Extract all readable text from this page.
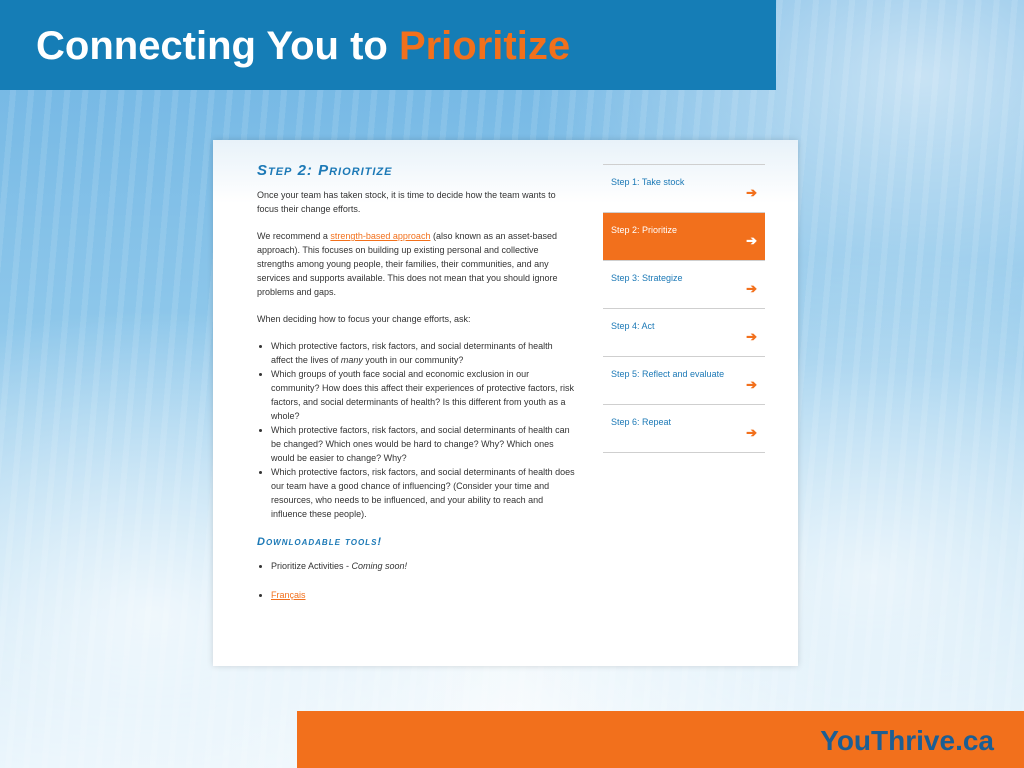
Connecting You to Prioritize
Step 2: Prioritize

Once your team has taken stock, it is time to decide how the team wants to focus their change efforts.

We recommend a strength-based approach (also known as an asset-based approach). This focuses on building up existing personal and collective strengths among young people, their families, their communities, and any services and supports available. This does not mean that you should ignore problems and gaps.

When deciding how to focus your change efforts, ask:

• Which protective factors, risk factors, and social determinants of health affect the lives of many youth in our community?
• Which groups of youth face social and economic exclusion in our community? How does this affect their experiences of protective factors, risk factors, and social determinants of health? Is this different from youth as a whole?
• Which protective factors, risk factors, and social determinants of health can be changed? Which ones would be hard to change? Why? Which ones would be easier to change? Why?
• Which protective factors, risk factors, and social determinants of health does our team have a good chance of influencing? (Consider your time and resources, who needs to be influenced, and your ability to reach and influence these people).
Downloadable tools!
• Prioritize Activities - Coming soon!
• Français
Step 1: Take stock
➔
Step 2: Prioritize
➔
Step 3: Strategize
➔
Step 4: Act
➔
Step 5: Reflect and evaluate
➔
Step 6: Repeat
➔
YouThrive.ca
